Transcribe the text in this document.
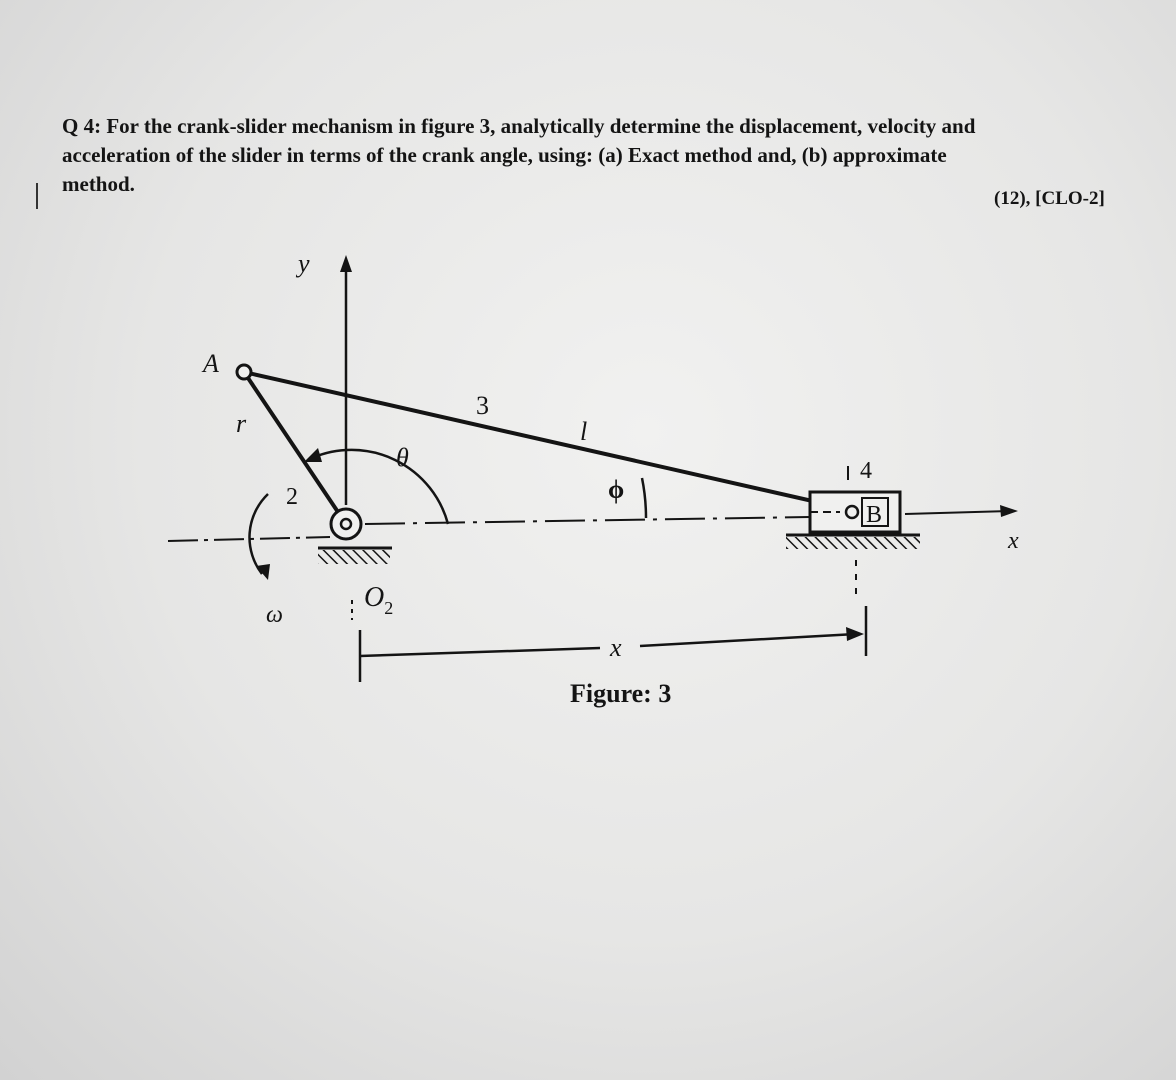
Q 4: For the crank-slider mechanism in figure 3, analytically determine the displacement, velocity and
acceleration of the slider in terms of the crank angle, using: (a) Exact method and, (b) approximate
method.
(12), [CLO-2]
y
x
A
r
2
$O_2$
θ
ω
3
l
ϕ
B
4
x
Figure: 3
